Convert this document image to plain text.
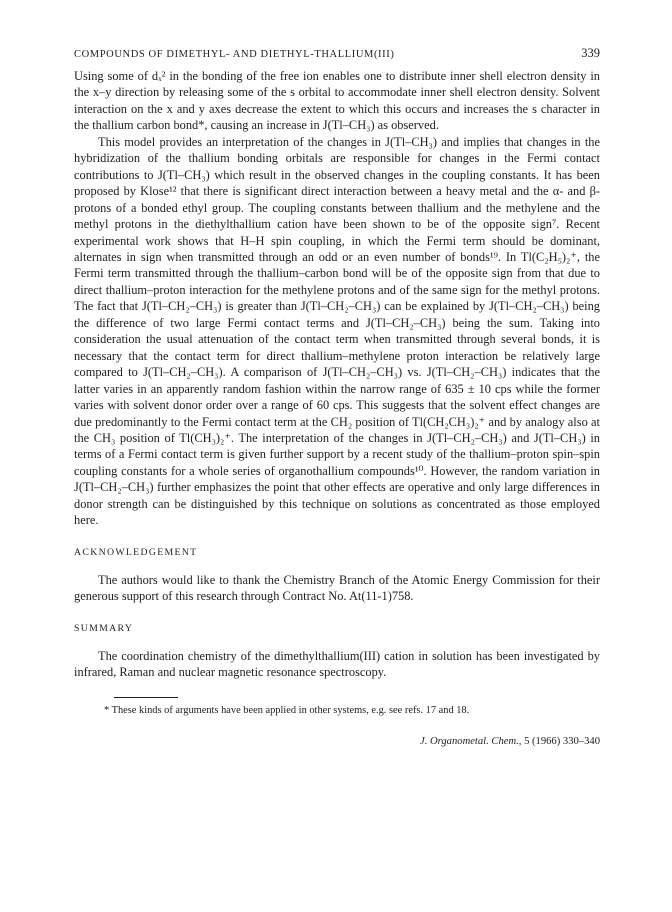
COMPOUNDS OF DIMETHYL- AND DIETHYL-THALLIUM(III)	339

Using some of dₓ² in the bonding of the free ion enables one to distribute inner shell electron density in the x–y direction by releasing some of the s orbital to accommodate inner shell electron density. Solvent interaction on the x and y axes decrease the extent to which this occurs and increases the s character in the thallium carbon bond*, causing an increase in J(Tl–CH₃) as observed.

This model provides an interpretation of the changes in J(Tl–CH₃) and implies that changes in the hybridization of the thallium bonding orbitals are responsible for changes in the Fermi contact contributions to J(Tl–CH₃) which result in the observed changes in the coupling constants. It has been proposed by Klose¹² that there is significant direct interaction between a heavy metal and the α- and β-protons of a bonded ethyl group. The coupling constants between thallium and the methylene and the methyl protons in the diethylthallium cation have been shown to be of the opposite sign⁷. Recent experimental work shows that H–H spin coupling, in which the Fermi term should be dominant, alternates in sign when transmitted through an odd or an even number of bonds¹⁹. In Tl(C₂H₅)₂⁺, the Fermi term transmitted through the thallium–carbon bond will be of the opposite sign from that due to direct thallium–proton interaction for the methylene protons and of the same sign for the methyl protons. The fact that J(Tl–CH₂–CH₃) is greater than J(Tl–CH₂–CH₃) can be explained by J(Tl–CH₂–CH₃) being the difference of two large Fermi contact terms and J(Tl–CH₂–CH₃) being the sum. Taking into consideration the usual attenuation of the contact term when transmitted through several bonds, it is necessary that the contact term for direct thallium–methylene proton interaction be relatively large compared to J(Tl–CH₂–CH₃). A comparison of J(Tl–CH₂–CH₃) vs. J(Tl–CH₂–CH₃) indicates that the latter varies in an apparently random fashion within the narrow range of 635 ± 10 cps while the former varies with solvent donor order over a range of 60 cps. This suggests that the solvent effect changes are due predominantly to the Fermi contact term at the CH₂ position of Tl(CH₂CH₃)₂⁺ and by analogy also at the CH₃ position of Tl(CH₃)₂⁺. The interpretation of the changes in J(Tl–CH₂–CH₃) and J(Tl–CH₃) in terms of a Fermi contact term is given further support by a recent study of the thallium–proton spin–spin coupling constants for a whole series of organothallium compounds¹⁰. However, the random variation in J(Tl–CH₂–CH₃) further emphasizes the point that other effects are operative and only large differences in donor strength can be distinguished by this technique on solutions as concentrated as those employed here.

ACKNOWLEDGEMENT

The authors would like to thank the Chemistry Branch of the Atomic Energy Commission for their generous support of this research through Contract No. At(11-1)758.

SUMMARY

The coordination chemistry of the dimethylthallium(III) cation in solution has been investigated by infrared, Raman and nuclear magnetic resonance spectroscopy.

* These kinds of arguments have been applied in other systems, e.g. see refs. 17 and 18.
J. Organometal. Chem., 5 (1966) 330–340
